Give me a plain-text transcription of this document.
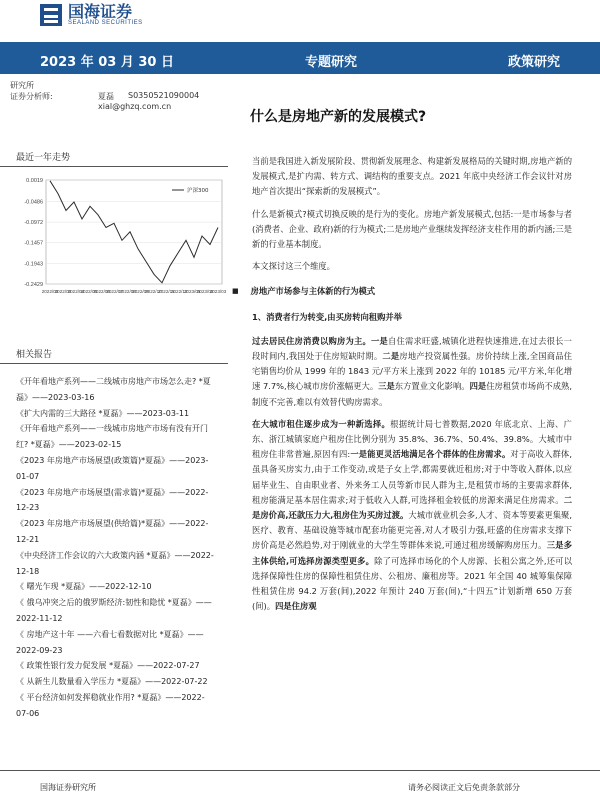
国海证券
SEALAND SECURITIES
2023 年 03 月 30 日	专题研究	政策研究
研究所
证券分析师:	夏磊 S0350521090004
xial@ghzq.com.cn
什么是房地产新的发展模式?
最近一年走势
0.0019
-0.0486
-0.0972
-0.1457
-0.1943
-0.2429
2022/03
2022/03
2022/04
2022/05
2022/06
2022/07
2022/08
2022/09
2022/10
2022/11
2022/12
2023/01
2023/02
2023/03
沪深300
相关报告
《开年看地产系列——二线城市房地产市场怎么走? *夏磊》——2023-03-16
《扩大内需的三大路径 *夏磊》——2023-03-11
《开年看地产系列——一线城市房地产市场有没有开门红? *夏磊》——2023-02-15
《2023 年房地产市场展望(政策篇)*夏磊》——2023-01-07
《2023 年房地产市场展望(需求篇)*夏磊》——2022-12-23
《2023 年房地产市场展望(供给篇)*夏磊》——2022-12-21
《中央经济工作会议的六大政策内涵 *夏磊》——2022-12-18
《 曙光乍现 *夏磊》——2022-12-10
《 俄乌冲突之后的俄罗斯经济:韧性和隐忧 *夏磊》——2022-11-12
《 房地产这十年 ——六看七看数据对比 *夏磊》——2022-09-23
《 政策性银行发力促发展 *夏磊》——2022-07-27
《 从新生儿数量看入学压力 *夏磊》——2022-07-22
《 平台经济如何发挥稳就业作用? *夏磊》——2022-07-06

当前是我国进入新发展阶段、贯彻新发展理念、构建新发展格局的关键时期,房地产新的发展模式,是扩内需、转方式、调结构的重要支点。2021 年底中央经济工作会议针对房地产首次提出“探索新的发展模式”。

什么是新模式?模式切换反映的是行为的变化。房地产新发展模式,包括:一是市场参与者(消费者、企业、政府)新的行为模式;二是房地产业继续发挥经济支柱作用的新内涵;三是新的行业基本制度。

本文探讨这三个维度。

■ 房地产市场参与主体新的行为模式

1、消费者行为转变,由买房转向租购并举

过去居民住房消费以购房为主。一是自住需求旺盛,城镇化进程快速推进,在过去很长一段时间内,我国处于住房短缺时期。二是房地产投资属性强。房价持续上涨,全国商品住宅销售均价从 1999 年的 1843 元/平方米上涨到 2022 年的 10185 元/平方米,年化增速 7.7%,核心城市房价涨幅更大。三是东方置业文化影响。四是住房租赁市场尚不成熟,制度不完善,难以有效替代购房需求。

在大城市租住逐步成为一种新选择。根据统计局七普数据,2020 年底北京、上海、广东、浙江城镇家庭户租房住比例分别为 35.8%、36.7%、50.4%、39.8%。大城市中租房住非常普遍,原因有四:一是能更灵活地满足各个群体的住房需求。对于高收入群体,虽具备买房实力,由于工作变动,或是子女上学,都需要就近租房;对于中等收入群体,以应届毕业生、自由职业者、外来务工人员等新市民人群为主,是租赁市场的主要需求群体,租房能满足基本居住需求;对于低收入人群,可选择租金较低的房源来满足住房需求。二是房价高,还款压力大,租房住为买房过渡。大城市就业机会多,人才、资本等要素更集聚,医疗、教育、基础设施等城市配套功能更完善,对人才吸引力强,旺盛的住房需求支撑下房价高是必然趋势,对于刚就业的大学生等群体来说,可通过租房缓解购房压力。三是多主体供给,可选择房源类型更多。除了可选择市场化的个人房源、长租公寓之外,还可以选择保障性住房的保障性租赁住房、公租房、廉租房等。2021 年全国 40 城筹集保障性租赁住房 94.2 万套(间),2022 年预计 240 万套(间),“十四五”计划新增 650 万套(间)。四是住房观

国海证券研究所	请务必阅读正文后免责条款部分
